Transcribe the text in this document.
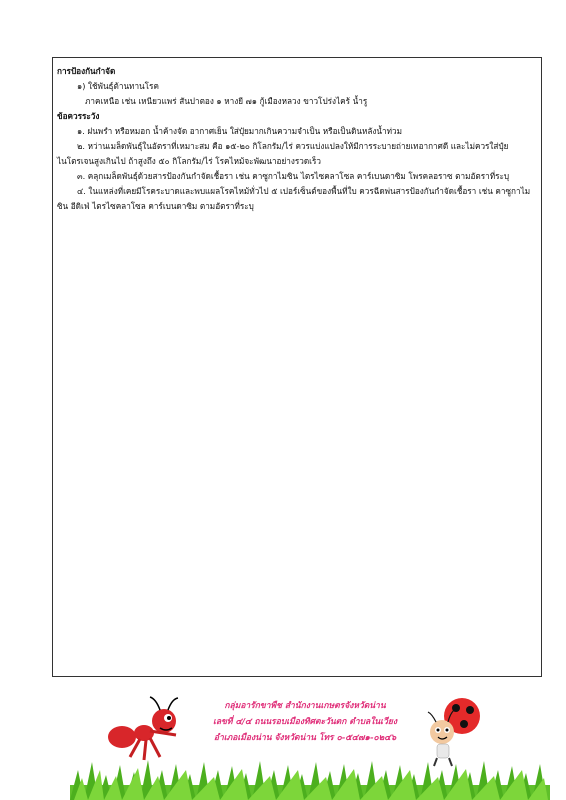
การป้องกันกำจัด

๑) ใช้พันธุ์ต้านทานโรค

ภาคเหนือ เช่น เหนียวแพร่ สันปาตอง ๑ หางยี ๗๑ กู้เมืองหลวง ขาวโปร่งไคร้ น้ำรู

ข้อควรระวัง

๑. ฝนพรำ หรือหมอก น้ำค้างจัด อากาศเย็น ใส่ปุ๋ยมากเกินความจำเป็น หรือเป็นดินหลังน้ำท่วม

๒. หว่านเมล็ดพันธุ์ในอัตราที่เหมาะสม คือ ๑๕-๒๐ กิโลกรัม/ไร่ ควรแบ่งแปลงให้มีการระบายถ่ายเทอากาศดี และไม่ควรใส่ปุ๋ยไนโตรเจนสูงเกินไป ถ้าสูงถึง ๕๐ กิโลกรัม/ไร่ โรคไหม้จะพัฒนาอย่างรวดเร็ว

๓. คลุกเมล็ดพันธุ์ด้วยสารป้องกันกำจัดเชื้อรา เช่น คาซูกาไมซิน ไตรไซคลาโซล คาร์เบนดาซิม โพรคลอราซ ตามอัตราที่ระบุ

๔. ในแหล่งที่เคยมีโรคระบาดและพบแผลโรคไหม้ทั่วไป ๕ เปอร์เซ็นต์ของพื้นที่ใบ ควรฉีดพ่นสารป้องกันกำจัดเชื้อรา เช่น คาซูกาไมซิน อีดิเฟ่ ไตรไซคลาโซล คาร์เบนดาซิม ตามอัตราที่ระบุ

กลุ่มอารักขาพืช สำนักงานเกษตรจังหวัดน่าน
เลขที่ ๔/๔ ถนนรอบเมืองทิศตะวันตก ตำบลในเวียง
อำเภอเมืองน่าน จังหวัดน่าน โทร ๐-๕๔๗๑-๐๒๔๖
